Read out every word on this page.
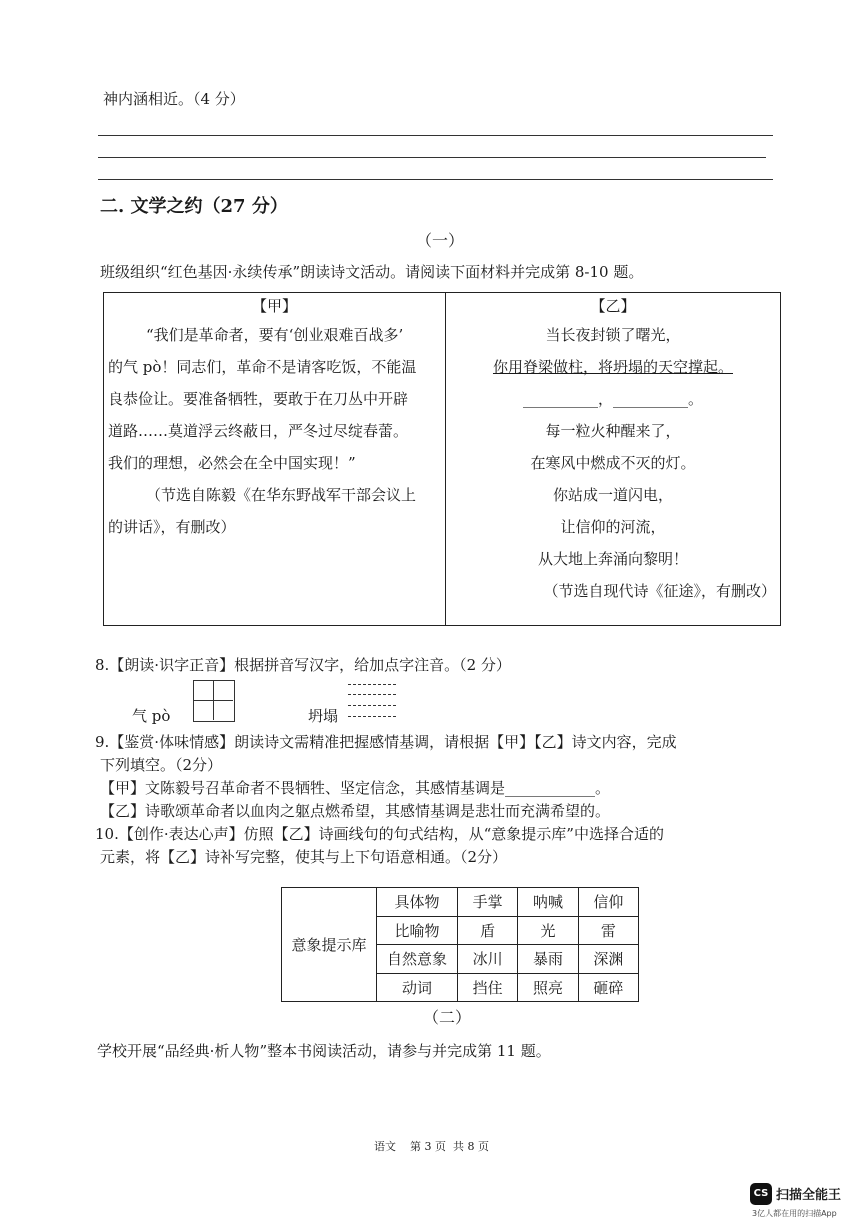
神内涵相近。（4 分）
二. 文学之约（27 分）
（一）
班级组织“红色基因·永续传承”朗读诗文活动。请阅读下面材料并完成第 8-10 题。
【甲】
“我们是革命者，要有‘创业艰难百战多’
的气 pò！同志们，革命不是请客吃饭，不能温
良恭俭让。要准备牺牲，要敢于在刀丛中开辟
道路……莫道浮云终蔽日，严冬过尽绽春蕾。
我们的理想，必然会在全中国实现！”
（节选自陈毅《在华东野战军干部会议上
的讲话》，有删改）

【乙】
当长夜封锁了曙光，
你用脊梁做柱，将坍塌的天空撑起。
__________，__________。
每一粒火种醒来了，
在寒风中燃成不灭的灯。
你站成一道闪电，
让信仰的河流，
从大地上奔涌向黎明！
（节选自现代诗《征途》，有删改）
8.【朗读·识字正音】根据拼音写汉字，给加点字注音。（2 分）
气 pò	坍塌
9.【鉴赏·体味情感】朗读诗文需精准把握感情基调，请根据【甲】【乙】诗文内容，完成
下列填空。（2分）
【甲】文陈毅号召革命者不畏牺牲、坚定信念，其感情基调是____________。
【乙】诗歌颂革命者以血肉之躯点燃希望，其感情基调是悲壮而充满希望的。
10.【创作·表达心声】仿照【乙】诗画线句的句式结构，从“意象提示库”中选择合适的
元素，将【乙】诗补写完整，使其与上下句语意相通。（2分）
意象提示库	具体物	手掌	呐喊	信仰
	比喻物	盾	光	雷
	自然意象	冰川	暴雨	深渊
	动词	挡住	照亮	砸碎
（二）
学校开展“品经典·析人物”整本书阅读活动，请参与并完成第 11 题。
语文    第 3 页  共 8 页
CS 扫描全能王
3亿人都在用的扫描App
